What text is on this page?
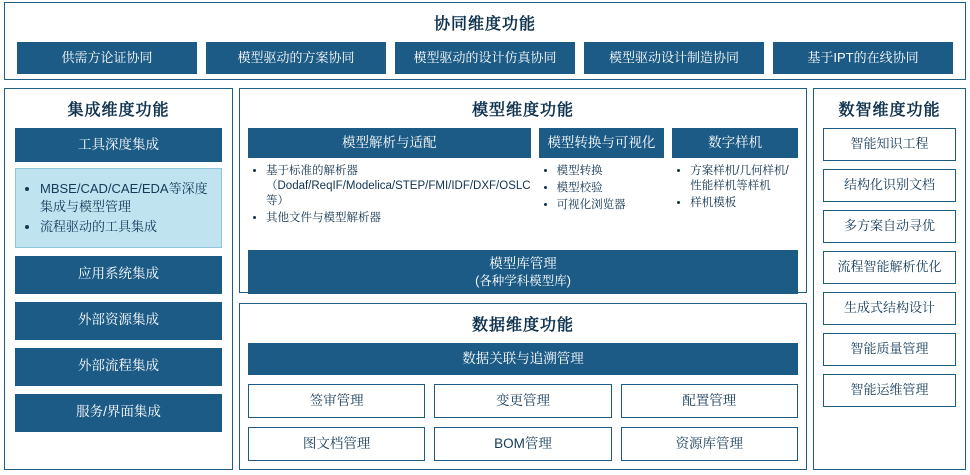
协同维度功能
供需方论证协同	模型驱动的方案协同	模型驱动的设计仿真协同	模型驱动设计制造协同	基于IPT的在线协同
集成维度功能
工具深度集成
• MBSE/CAD/CAE/EDA等深度集成与模型管理
• 流程驱动的工具集成
应用系统集成
外部资源集成
外部流程集成
服务/界面集成
模型维度功能
模型解析与适配
• 基于标准的解析器（Dodaf/ReqIF/Modelica/STEP/FMI/IDF/DXF/OSLC等）
• 其他文件与模型解析器
模型转换与可视化
• 模型转换
• 模型校验
• 可视化浏览器
数字样机
• 方案样机/几何样机/性能样机等样机
• 样机模板
模型库管理
(各种学科模型库)
数据维度功能
数据关联与追溯管理
签审管理	变更管理	配置管理
图文档管理	BOM管理	资源库管理
数智维度功能
智能知识工程
结构化识别文档
多方案自动寻优
流程智能解析优化
生成式结构设计
智能质量管理
智能运维管理
